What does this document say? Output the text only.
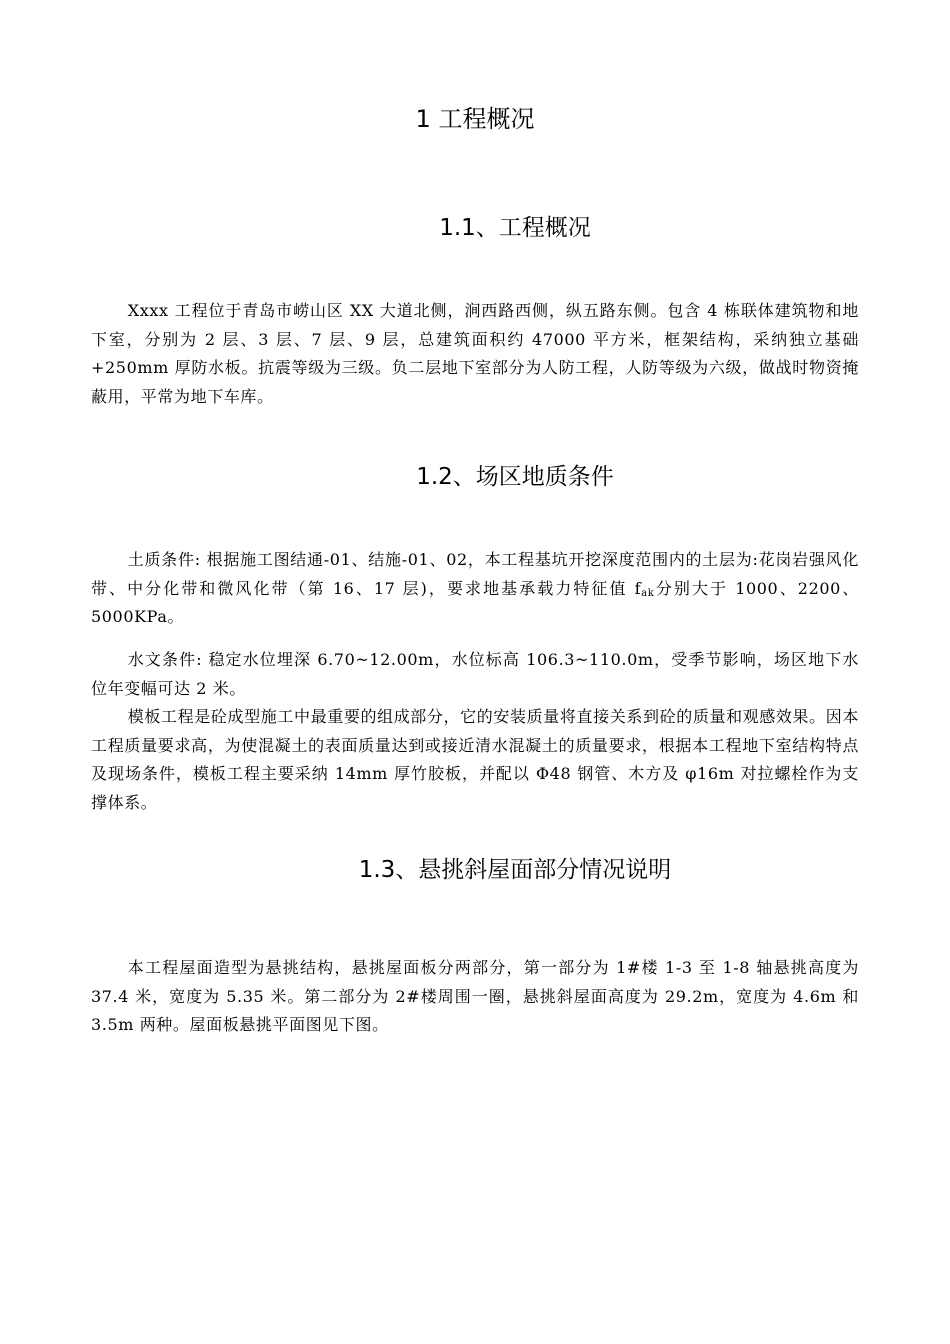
1 工程概况
1.1、工程概况

Xxxx 工程位于青岛市崂山区 XX 大道北侧，涧西路西侧，纵五路东侧。包含 4 栋联体建筑物和地下室，分别为 2 层、3 层、7 层、9 层，总建筑面积约 47000 平方米，框架结构，采纳独立基础+250mm 厚防水板。抗震等级为三级。负二层地下室部分为人防工程，人防等级为六级，做战时物资掩蔽用，平常为地下车库。

1.2、场区地质条件

土质条件: 根据施工图结通-01、结施-01、02，本工程基坑开挖深度范围内的土层为:花岗岩强风化带、中分化带和微风化带（第 16、17 层)，要求地基承载力特征值 $f_{ak}$分别大于 1000、2200、5000KPa。

水文条件: 稳定水位埋深 6.70~12.00m，水位标高 106.3~110.0m，受季节影响，场区地下水位年变幅可达 2 米。

模板工程是砼成型施工中最重要的组成部分，它的安装质量将直接关系到砼的质量和观感效果。因本工程质量要求高，为使混凝土的表面质量达到或接近清水混凝土的质量要求，根据本工程地下室结构特点及现场条件，模板工程主要采纳 14mm 厚竹胶板，并配以 Φ48 钢管、木方及 φ16m 对拉螺栓作为支撑体系。

1.3、悬挑斜屋面部分情况说明

本工程屋面造型为悬挑结构，悬挑屋面板分两部分，第一部分为 1#楼 1-3 至 1-8 轴悬挑高度为 37.4 米，宽度为 5.35 米。第二部分为 2#楼周围一圈，悬挑斜屋面高度为 29.2m，宽度为 4.6m 和 3.5m 两种。屋面板悬挑平面图见下图。
